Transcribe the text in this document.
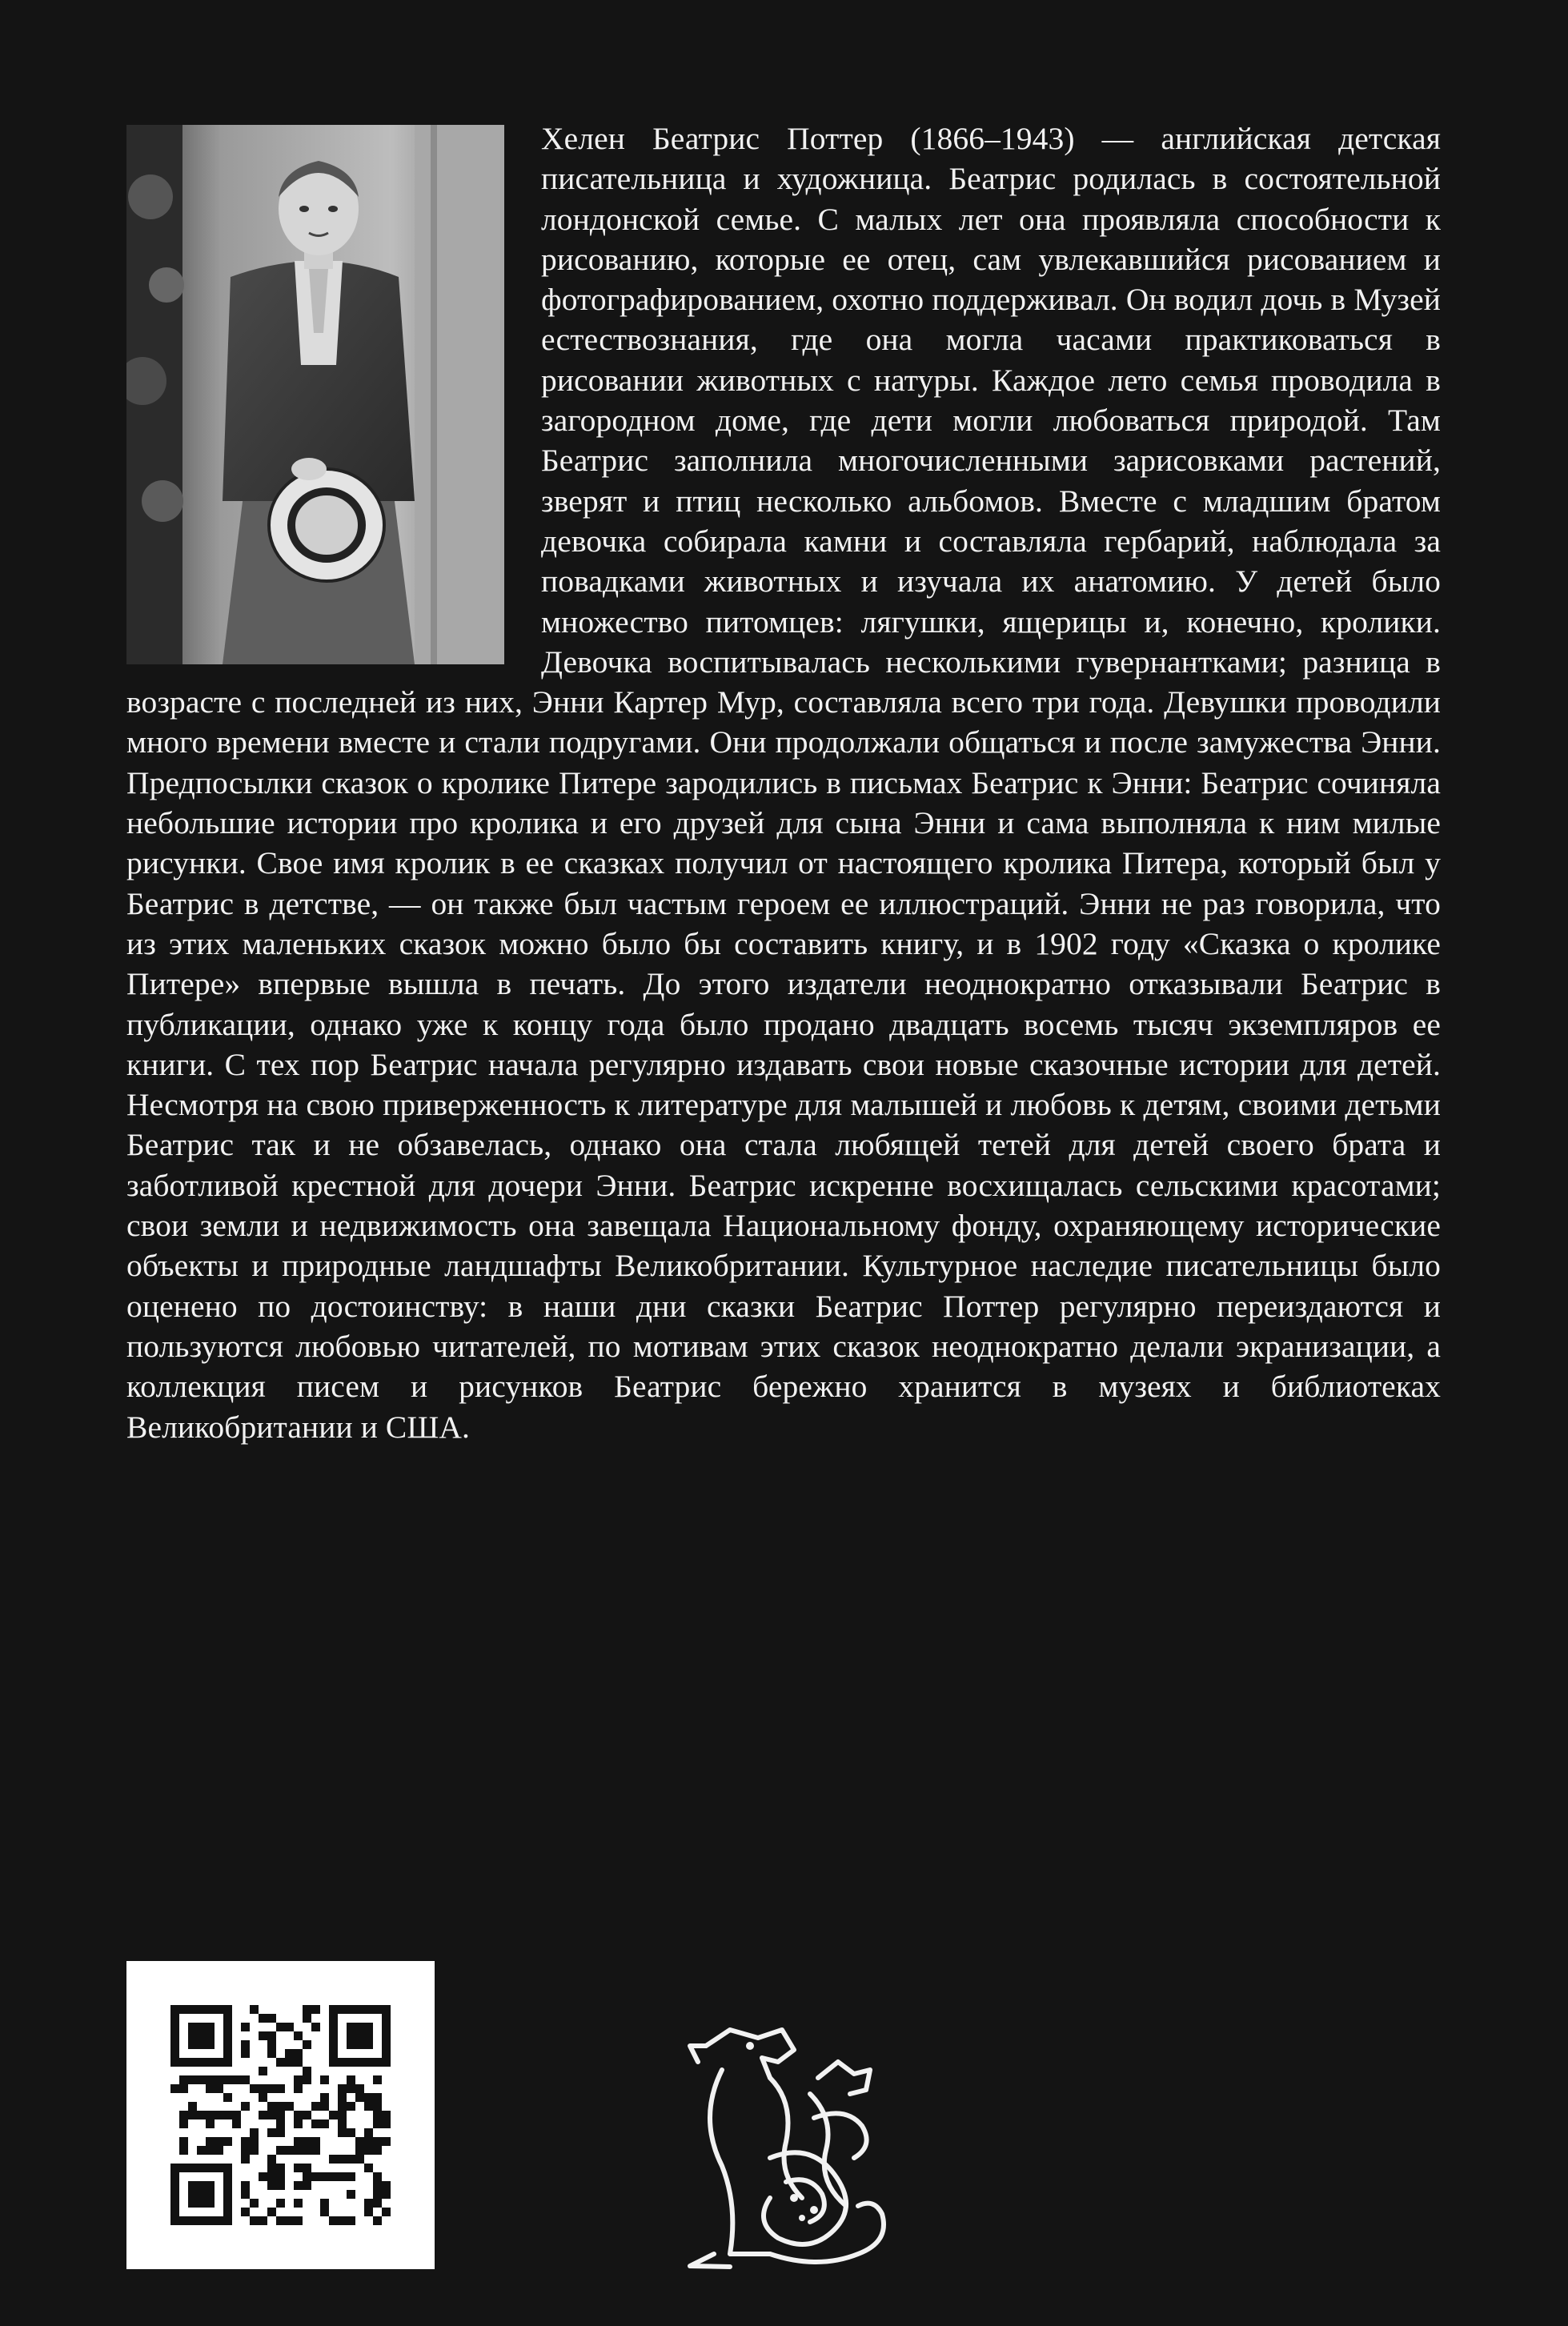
Хелен Беатрис Поттер (1866–1943) — английская детская писательница и художница. Беатрис родилась в состоятельной лондонской семье. С малых лет она проявляла способности к рисованию, которые ее отец, сам увлекавшийся рисованием и фотографированием, охотно поддерживал. Он водил дочь в Музей естествознания, где она могла часами практиковаться в рисовании животных с натуры. Каждое лето семья проводила в загородном доме, где дети могли любоваться природой. Там Беатрис заполнила многочисленными зарисовками растений, зверят и птиц несколько альбомов. Вместе с младшим братом девочка собирала камни и составляла гербарий, наблюдала за повадками животных и изучала их анатомию. У детей было множество питомцев: лягушки, ящерицы и, конечно, кролики. Девочка воспитывалась несколькими гувернантками; разница в возрасте с последней из них, Энни Картер Мур, составляла всего три года. Девушки проводили много времени вместе и стали подругами. Они продолжали общаться и после замужества Энни. Предпосылки сказок о кролике Питере зародились в письмах Беатрис к Энни: Беатрис сочиняла небольшие истории про кролика и его друзей для сына Энни и сама выполняла к ним милые рисунки. Свое имя кролик в ее сказках получил от настоящего кролика Питера, который был у Беатрис в детстве, — он также был частым героем ее иллюстраций. Энни не раз говорила, что из этих маленьких сказок можно было бы составить книгу, и в 1902 году «Сказка о кролике Питере» впервые вышла в печать. До этого издатели неоднократно отказывали Беатрис в публикации, однако уже к концу года было продано двадцать восемь тысяч экземпляров ее книги. С тех пор Беатрис начала регулярно издавать свои новые сказочные истории для детей. Несмотря на свою приверженность к литературе для малышей и любовь к детям, своими детьми Беатрис так и не обзавелась, однако она стала любящей тетей для детей своего брата и заботливой крестной для дочери Энни. Беатрис искренне восхищалась сельскими красотами; свои земли и недвижимость она завещала Национальному фонду, охраняющему исторические объекты и природные ландшафты Великобритании. Культурное наследие писательницы было оценено по достоинству: в наши дни сказки Беатрис Поттер регулярно переиздаются и пользуются любовью читателей, по мотивам этих сказок неоднократно делали экранизации, а коллекция писем и рисунков Беатрис бережно хранится в музеях и библиотеках Великобритании и США.
